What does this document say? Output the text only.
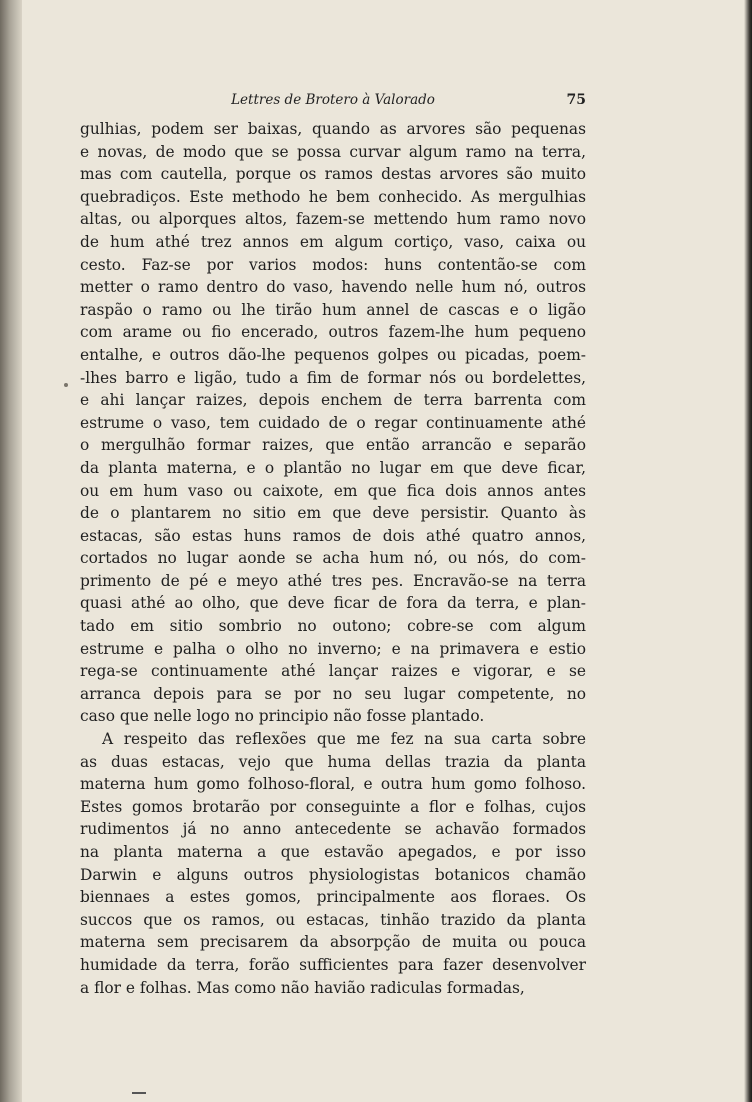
Lettres de Brotero à Valorado	75
gulhias, podem ser baixas, quando as arvores são pequenas
e novas, de modo que se possa curvar algum ramo na terra,
mas com cautella, porque os ramos destas arvores são muito
quebradiços. Este methodo he bem conhecido. As mergulhias
altas, ou alporques altos, fazem-se mettendo hum ramo novo
de hum athé trez annos em algum cortiço, vaso, caixa ou
cesto. Faz-se por varios modos: huns contentão-se com
metter o ramo dentro do vaso, havendo nelle hum nó, outros
raspão o ramo ou lhe tirão hum annel de cascas e o ligão
com arame ou fio encerado, outros fazem-lhe hum pequeno
entalhe, e outros dão-lhe pequenos golpes ou picadas, poem-
-lhes barro e ligão, tudo a fim de formar nós ou bordelettes,
e ahi lançar raizes, depois enchem de terra barrenta com
estrume o vaso, tem cuidado de o regar continuamente athé
o mergulhão formar raizes, que então arrancão e separão
da planta materna, e o plantão no lugar em que deve ficar,
ou em hum vaso ou caixote, em que fica dois annos antes
de o plantarem no sitio em que deve persistir. Quanto às
estacas, são estas huns ramos de dois athé quatro annos,
cortados no lugar aonde se acha hum nó, ou nós, do com-
primento de pé e meyo athé tres pes. Encravão-se na terra
quasi athé ao olho, que deve ficar de fora da terra, e plan-
tado em sitio sombrio no outono; cobre-se com algum
estrume e palha o olho no inverno; e na primavera e estio
rega-se continuamente athé lançar raizes e vigorar, e se
arranca depois para se por no seu lugar competente, no
caso que nelle logo no principio não fosse plantado.
A respeito das reflexões que me fez na sua carta sobre
as duas estacas, vejo que huma dellas trazia da planta
materna hum gomo folhoso-floral, e outra hum gomo folhoso.
Estes gomos brotarão por conseguinte a flor e folhas, cujos
rudimentos já no anno antecedente se achavão formados
na planta materna a que estavão apegados, e por isso
Darwin e alguns outros physiologistas botanicos chamão
biennaes a estes gomos, principalmente aos floraes. Os
succos que os ramos, ou estacas, tinhão trazido da planta
materna sem precisarem da absorpção de muita ou pouca
humidade da terra, forão sufficientes para fazer desenvolver
a flor e folhas. Mas como não havião radiculas formadas,
